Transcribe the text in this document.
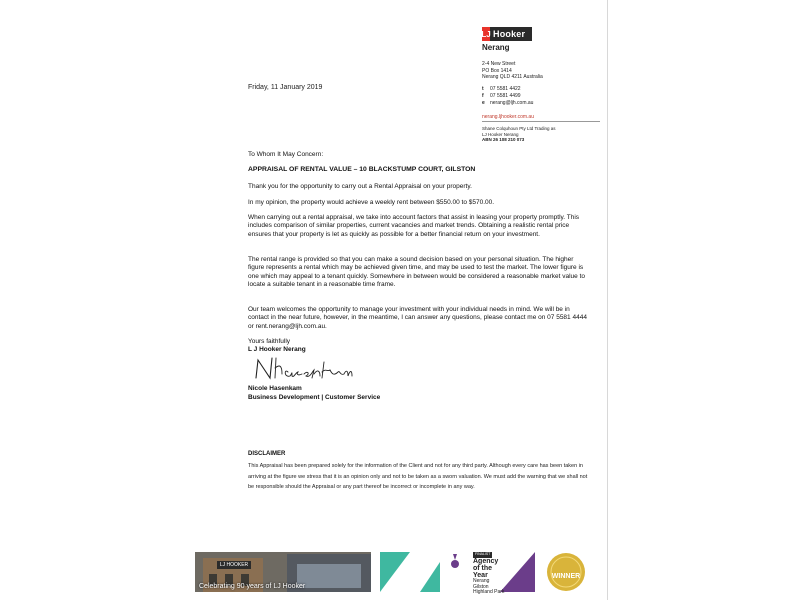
LJ Hooker
Nerang
2-4 New Street
PO Box 1414
Nerang QLD 4211 Australia
t 07 5581 4422
f 07 5581 4499
e nerang@ljh.com.au
nerang.ljhooker.com.au
Shane Colquhoun Pty Ltd Trading as
LJ Hooker Nerang
ABN 26 108 210 073
Friday, 11 January 2019
To Whom It May Concern:
APPRAISAL OF RENTAL VALUE – 10 BLACKSTUMP COURT, GILSTON
Thank you for the opportunity to carry out a Rental Appraisal on your property.
In my opinion, the property would achieve a weekly rent between $550.00 to $570.00.
When carrying out a rental appraisal, we take into account factors that assist in leasing your property promptly. This includes comparison of similar properties, current vacancies and market trends. Obtaining a realistic rental price ensures that your property is let as quickly as possible for a better financial return on your investment.
The rental range is provided so that you can make a sound decision based on your personal situation. The higher figure represents a rental which may be achieved given time, and may be used to test the market. The lower figure is one which may appeal to a tenant quickly. Somewhere in between would be considered a reasonable market value to locate a suitable tenant in a reasonable time frame.
Our team welcomes the opportunity to manage your investment with your individual needs in mind. We will be in contact in the near future, however, in the meantime, I can answer any questions, please contact me on 07 5581 4444 or rent.nerang@ljh.com.au.
Yours faithfully
L J Hooker Nerang
Nicole Hasenkam
Business Development | Customer Service
DISCLAIMER
This Appraisal has been prepared solely for the information of the Client and not for any third party. Although every care has been taken in arriving at the figure we stress that it is an opinion only and not to be taken as a sworn valuation. We must add the warning that we shall not be responsible should the Appraisal or any part thereof be incorrect or incomplete in any way.
LJ HOOKER
Celebrating 90 years of LJ Hooker
FINALIST
Agency of the Year
Nerang
Gilston
Highland Park
WINNER
